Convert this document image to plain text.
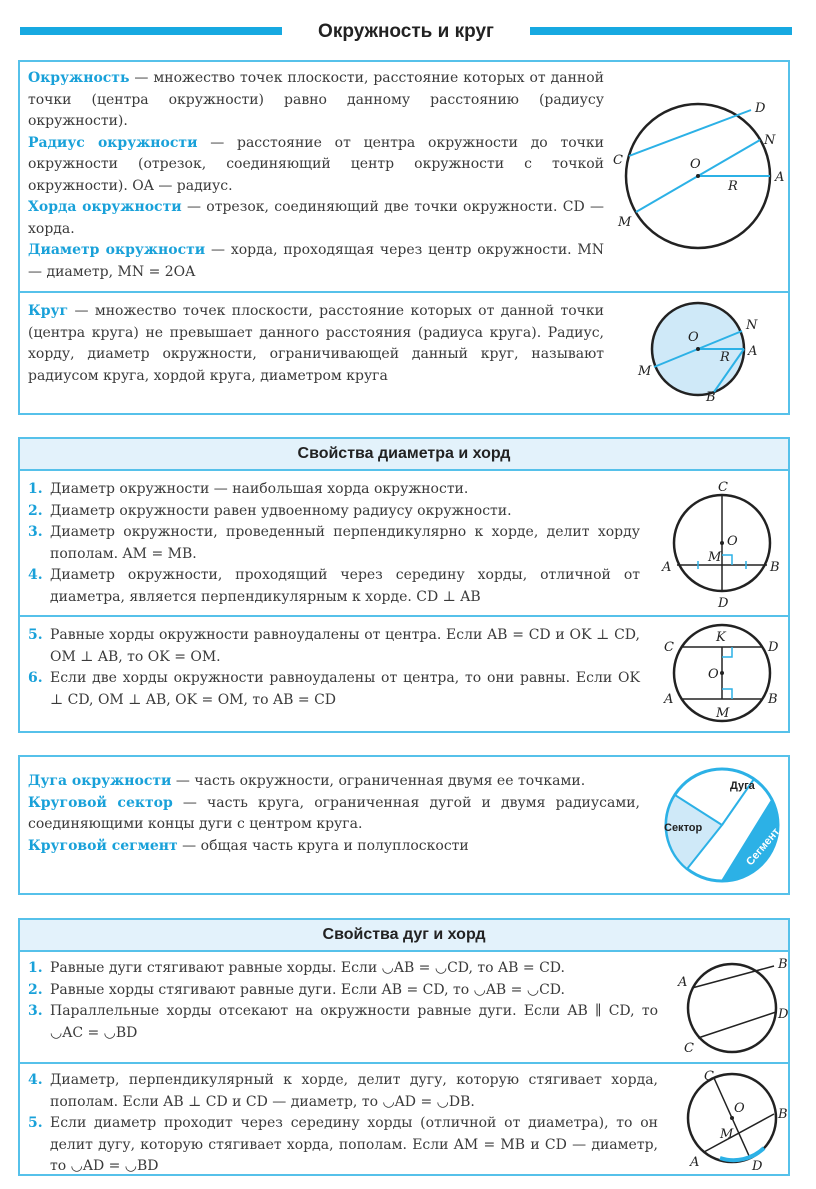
Окружность и круг

Окружность — множество точек плоскости, расстояние которых от данной точки (центра окружности) равно данному расстоянию (радиусу окружности).

Радиус окружности — расстояние от центра окружности до точки окружности (отрезок, соединяющий центр окружности с точкой окружности). OA — радиус.

Хорда окружности — отрезок, соединяющий две точки окружности. CD — хорда.

Диаметр окружности — хорда, проходящая через центр окружности. MN — диаметр, MN = 2OA

D
N
C	O
R
A
M

Круг — множество точек плоскости, расстояние которых от данной точки (центра круга) не превышает данного расстояния (радиуса круга). Радиус, хорду, диаметр окружности, ограничивающей данный круг, называют радиусом круга, хордой круга, диаметром круга

O
N
R A
M
B
Свойства диаметра и хорд
1. Диаметр окружности — наибольшая хорда окружности.
2. Диаметр окружности равен удвоенному радиусу окружности.
3. Диаметр окружности, проведенный перпендикулярно к хорде, делит хорду пополам. AM = MB.
4. Диаметр окружности, проходящий через середину хорды, отличной от диаметра, является перпендикулярным к хорде. CD ⊥ AB
C
O
M
A	B
D
5. Равные хорды окружности равноудалены от центра. Если AB = CD и OK ⊥ CD, OM ⊥ AB, то OK = OM.
6. Если две хорды окружности равноудалены от центра, то они равны. Если OK ⊥ CD, OM ⊥ AB, OK = OM, то AB = CD
C
K
D
O
A
M
B

Дуга окружности — часть окружности, ограниченная двумя ее точками.

Круговой сектор — часть круга, ограниченная дугой и двумя радиусами, соединяющими концы дуги с центром круга.

Круговой сегмент — общая часть круга и полуплоскости

Дуга
Сектор	Сегмент
Свойства дуг и хорд
1. Равные дуги стягивают равные хорды. Если ◡AB = ◡CD, то AB = CD.
2. Равные хорды стягивают равные дуги. Если AB = CD, то ◡AB = ◡CD.
3. Параллельные хорды отсекают на окружности равные дуги. Если AB ∥ CD, то ◡AC = ◡BD
A
B
C
D
4. Диаметр, перпендикулярный к хорде, делит дугу, которую стягивает хорда, пополам. Если AB ⊥ CD и CD — диаметр, то ◡AD = ◡DB.
5. Если диаметр проходит через середину хорды (отличной от диаметра), то он делит дугу, которую стягивает хорда, пополам. Если AM = MB и CD — диаметр, то ◡AD = ◡BD
C
O	B
M
A	D
